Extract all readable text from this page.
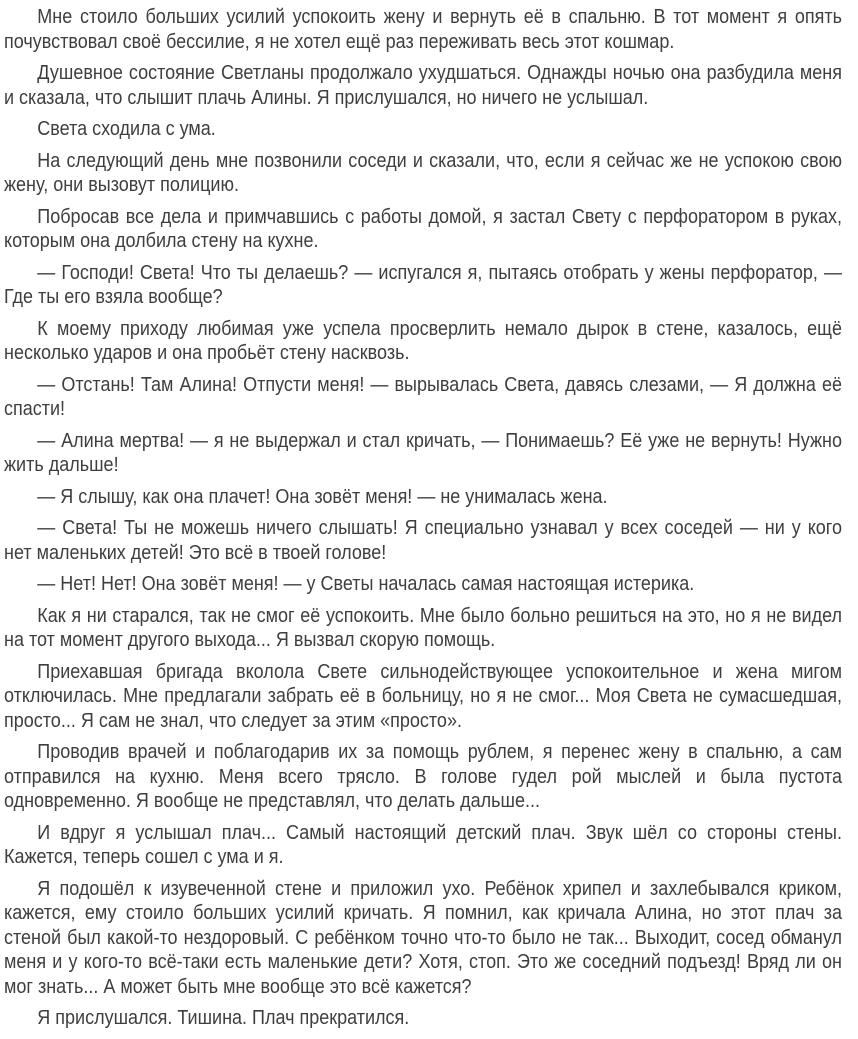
Мне стоило больших усилий успокоить жену и вернуть её в спальню. В тот момент я опять почувствовал своё бессилие, я не хотел ещё раз переживать весь этот кошмар.

Душевное состояние Светланы продолжало ухудшаться. Однажды ночью она разбудила меня и сказала, что слышит плачь Алины. Я прислушался, но ничего не услышал.

Света сходила с ума.

На следующий день мне позвонили соседи и сказали, что, если я сейчас же не успокою свою жену, они вызовут полицию.

Побросав все дела и примчавшись с работы домой, я застал Свету с перфоратором в руках, которым она долбила стену на кухне.

— Господи! Света! Что ты делаешь? — испугался я, пытаясь отобрать у жены перфоратор, — Где ты его взяла вообще?

К моему приходу любимая уже успела просверлить немало дырок в стене, казалось, ещё несколько ударов и она пробьёт стену насквозь.

— Отстань! Там Алина! Отпусти меня! — вырывалась Света, давясь слезами, — Я должна её спасти!

— Алина мертва! — я не выдержал и стал кричать, — Понимаешь? Её уже не вернуть! Нужно жить дальше!

— Я слышу, как она плачет! Она зовёт меня! — не унималась жена.

— Света! Ты не можешь ничего слышать! Я специально узнавал у всех соседей — ни у кого нет маленьких детей! Это всё в твоей голове!

— Нет! Нет! Она зовёт меня! — у Светы началась самая настоящая истерика.

Как я ни старался, так не смог её успокоить. Мне было больно решиться на это, но я не видел на тот момент другого выхода... Я вызвал скорую помощь.

Приехавшая бригада вколола Свете сильнодействующее успокоительное и жена мигом отключилась. Мне предлагали забрать её в больницу, но я не смог... Моя Света не сумасшедшая, просто... Я сам не знал, что следует за этим «просто».

Проводив врачей и поблагодарив их за помощь рублем, я перенес жену в спальню, а сам отправился на кухню. Меня всего трясло. В голове гудел рой мыслей и была пустота одновременно. Я вообще не представлял, что делать дальше...

И вдруг я услышал плач... Самый настоящий детский плач. Звук шёл со стороны стены. Кажется, теперь сошел с ума и я.

Я подошёл к изувеченной стене и приложил ухо. Ребёнок хрипел и захлебывался криком, кажется, ему стоило больших усилий кричать. Я помнил, как кричала Алина, но этот плач за стеной был какой-то нездоровый. С ребёнком точно что-то было не так... Выходит, сосед обманул меня и у кого-то всё-таки есть маленькие дети? Хотя, стоп. Это же соседний подъезд! Вряд ли он мог знать... А может быть мне вообще это всё кажется?

Я прислушался. Тишина. Плач прекратился.
